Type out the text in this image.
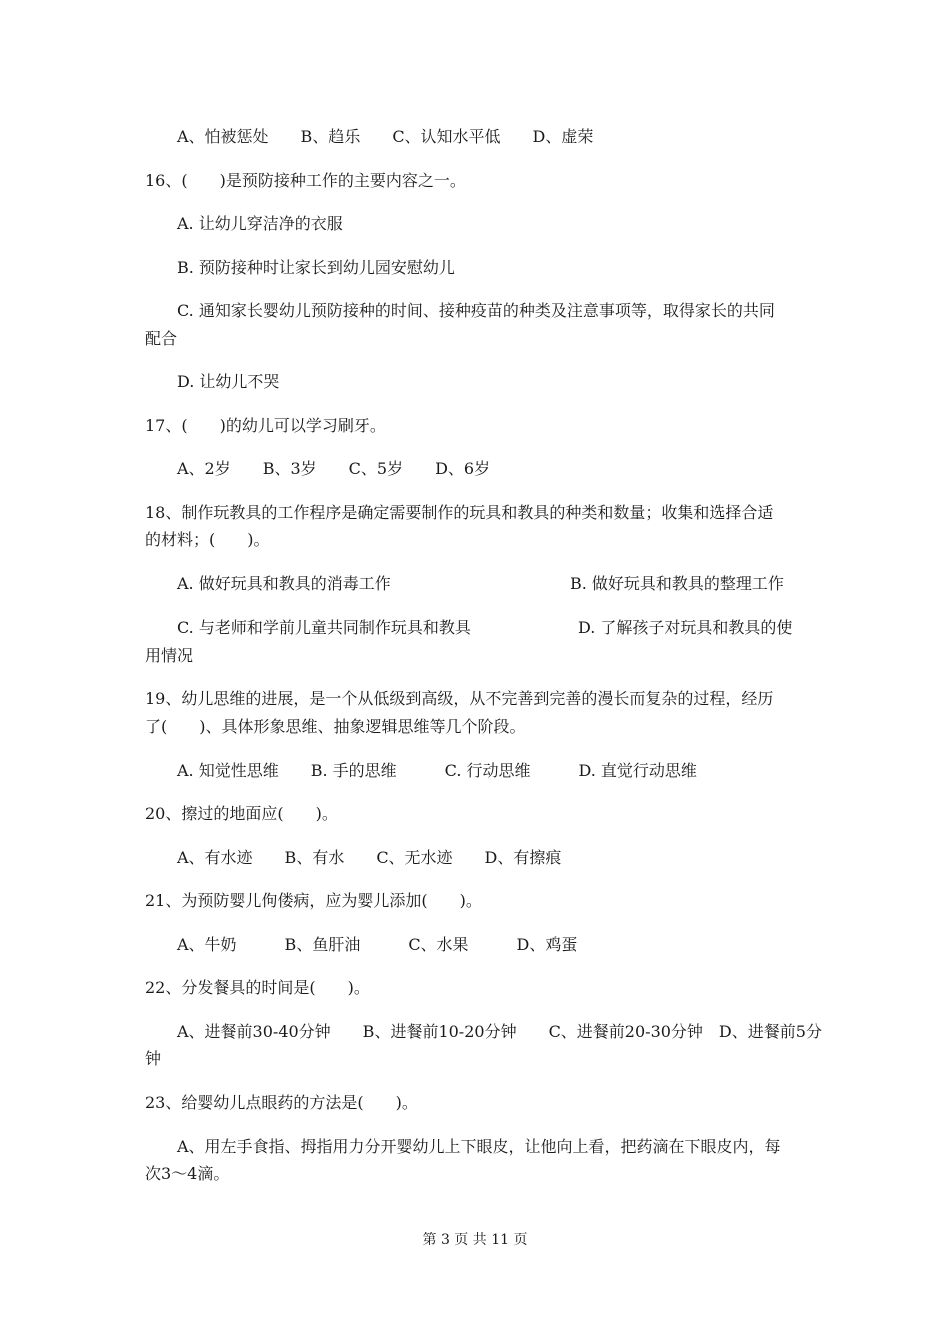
A、怕被惩处　　B、趋乐　　C、认知水平低　　D、虚荣
16、(　　)是预防接种工作的主要内容之一。
A. 让幼儿穿洁净的衣服
B. 预防接种时让家长到幼儿园安慰幼儿
C. 通知家长婴幼儿预防接种的时间、接种疫苗的种类及注意事项等，取得家长的共同
配合
D. 让幼儿不哭
17、(　　)的幼儿可以学习刷牙。
A、2岁　　B、3岁　　C、5岁　　D、6岁
18、制作玩教具的工作程序是确定需要制作的玩具和教具的种类和数量；收集和选择合适
的材料；(　　)。
A. 做好玩具和教具的消毒工作	B. 做好玩具和教具的整理工作
C. 与老师和学前儿童共同制作玩具和教具	D. 了解孩子对玩具和教具的使
用情况
19、幼儿思维的进展，是一个从低级到高级，从不完善到完善的漫长而复杂的过程，经历
了(　　)、具体形象思维、抽象逻辑思维等几个阶段。
A. 知觉性思维　　B. 手的思维　　　C. 行动思维　　　D. 直觉行动思维
20、擦过的地面应(　　)。
A、有水迹　　B、有水　　C、无水迹　　D、有擦痕
21、为预防婴儿佝偻病，应为婴儿添加(　　)。
A、牛奶　　　B、鱼肝油　　　C、水果　　　D、鸡蛋
22、分发餐具的时间是(　　)。
A、进餐前30-40分钟　　B、进餐前10-20分钟　　C、进餐前20-30分钟　D、进餐前5分
钟
23、给婴幼儿点眼药的方法是(　　)。
A、用左手食指、拇指用力分开婴幼儿上下眼皮，让他向上看，把药滴在下眼皮内，每
次3～4滴。
第 3 页 共 11 页
